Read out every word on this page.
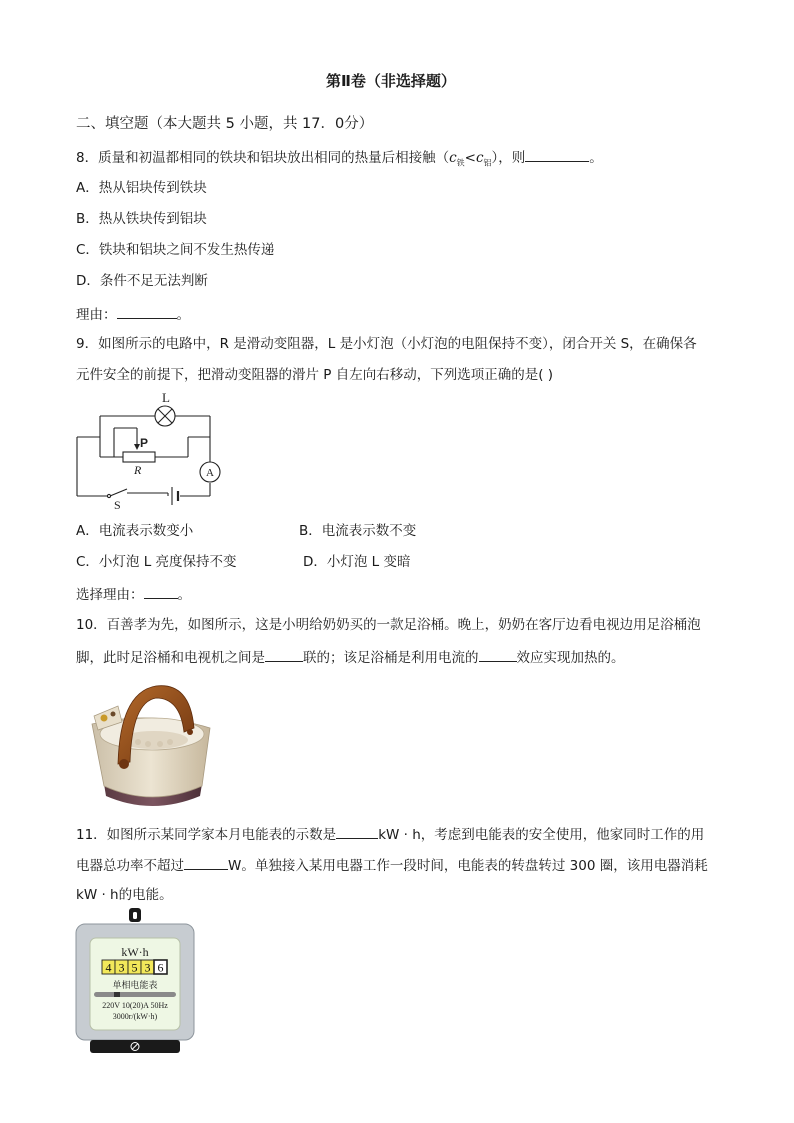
第Ⅱ卷（非选择题）
二、填空题（本大题共 5 小题，共 17．0分）
8．质量和初温都相同的铁块和铝块放出相同的热量后相接触$(c_铁<c_铝)$，则	。
A．热从铝块传到铁块
B．热从铁块传到铝块
C．铁块和铝块之间不发生热传递
D．条件不足无法判断
理由：	。
9．如图所示的电路中，R 是滑动变阻器，L 是小灯泡（小灯泡的电阻保持不变），闭合开关 S，在确保各
元件安全的前提下，把滑动变阻器的滑片 P 自左向右移动，下列选项正确的是( )
L
P
R	A
S
A．电流表示数变小	B．电流表示数不变
C．小灯泡 L 亮度保持不变	D．小灯泡 L 变暗
选择理由：	。
10．百善孝为先，如图所示，这是小明给奶奶买的一款足浴桶。晚上，奶奶在客厅边看电视边用足浴桶泡
脚，此时足浴桶和电视机之间是	联的；该足浴桶是利用电流的	效应实现加热的。
11．如图所示某同学家本月电能表的示数是	kW · h，考虑到电能表的安全使用，他家同时工作的用
电器总功率不超过	W。单独接入某用电器工作一段时间，电能表的转盘转过 300 圈，该用电器消耗
kW · h的电能。
kW·h
4 3 5 3 6
单相电能表
220V 10(20)A 50Hz
3000r/(kW·h)
